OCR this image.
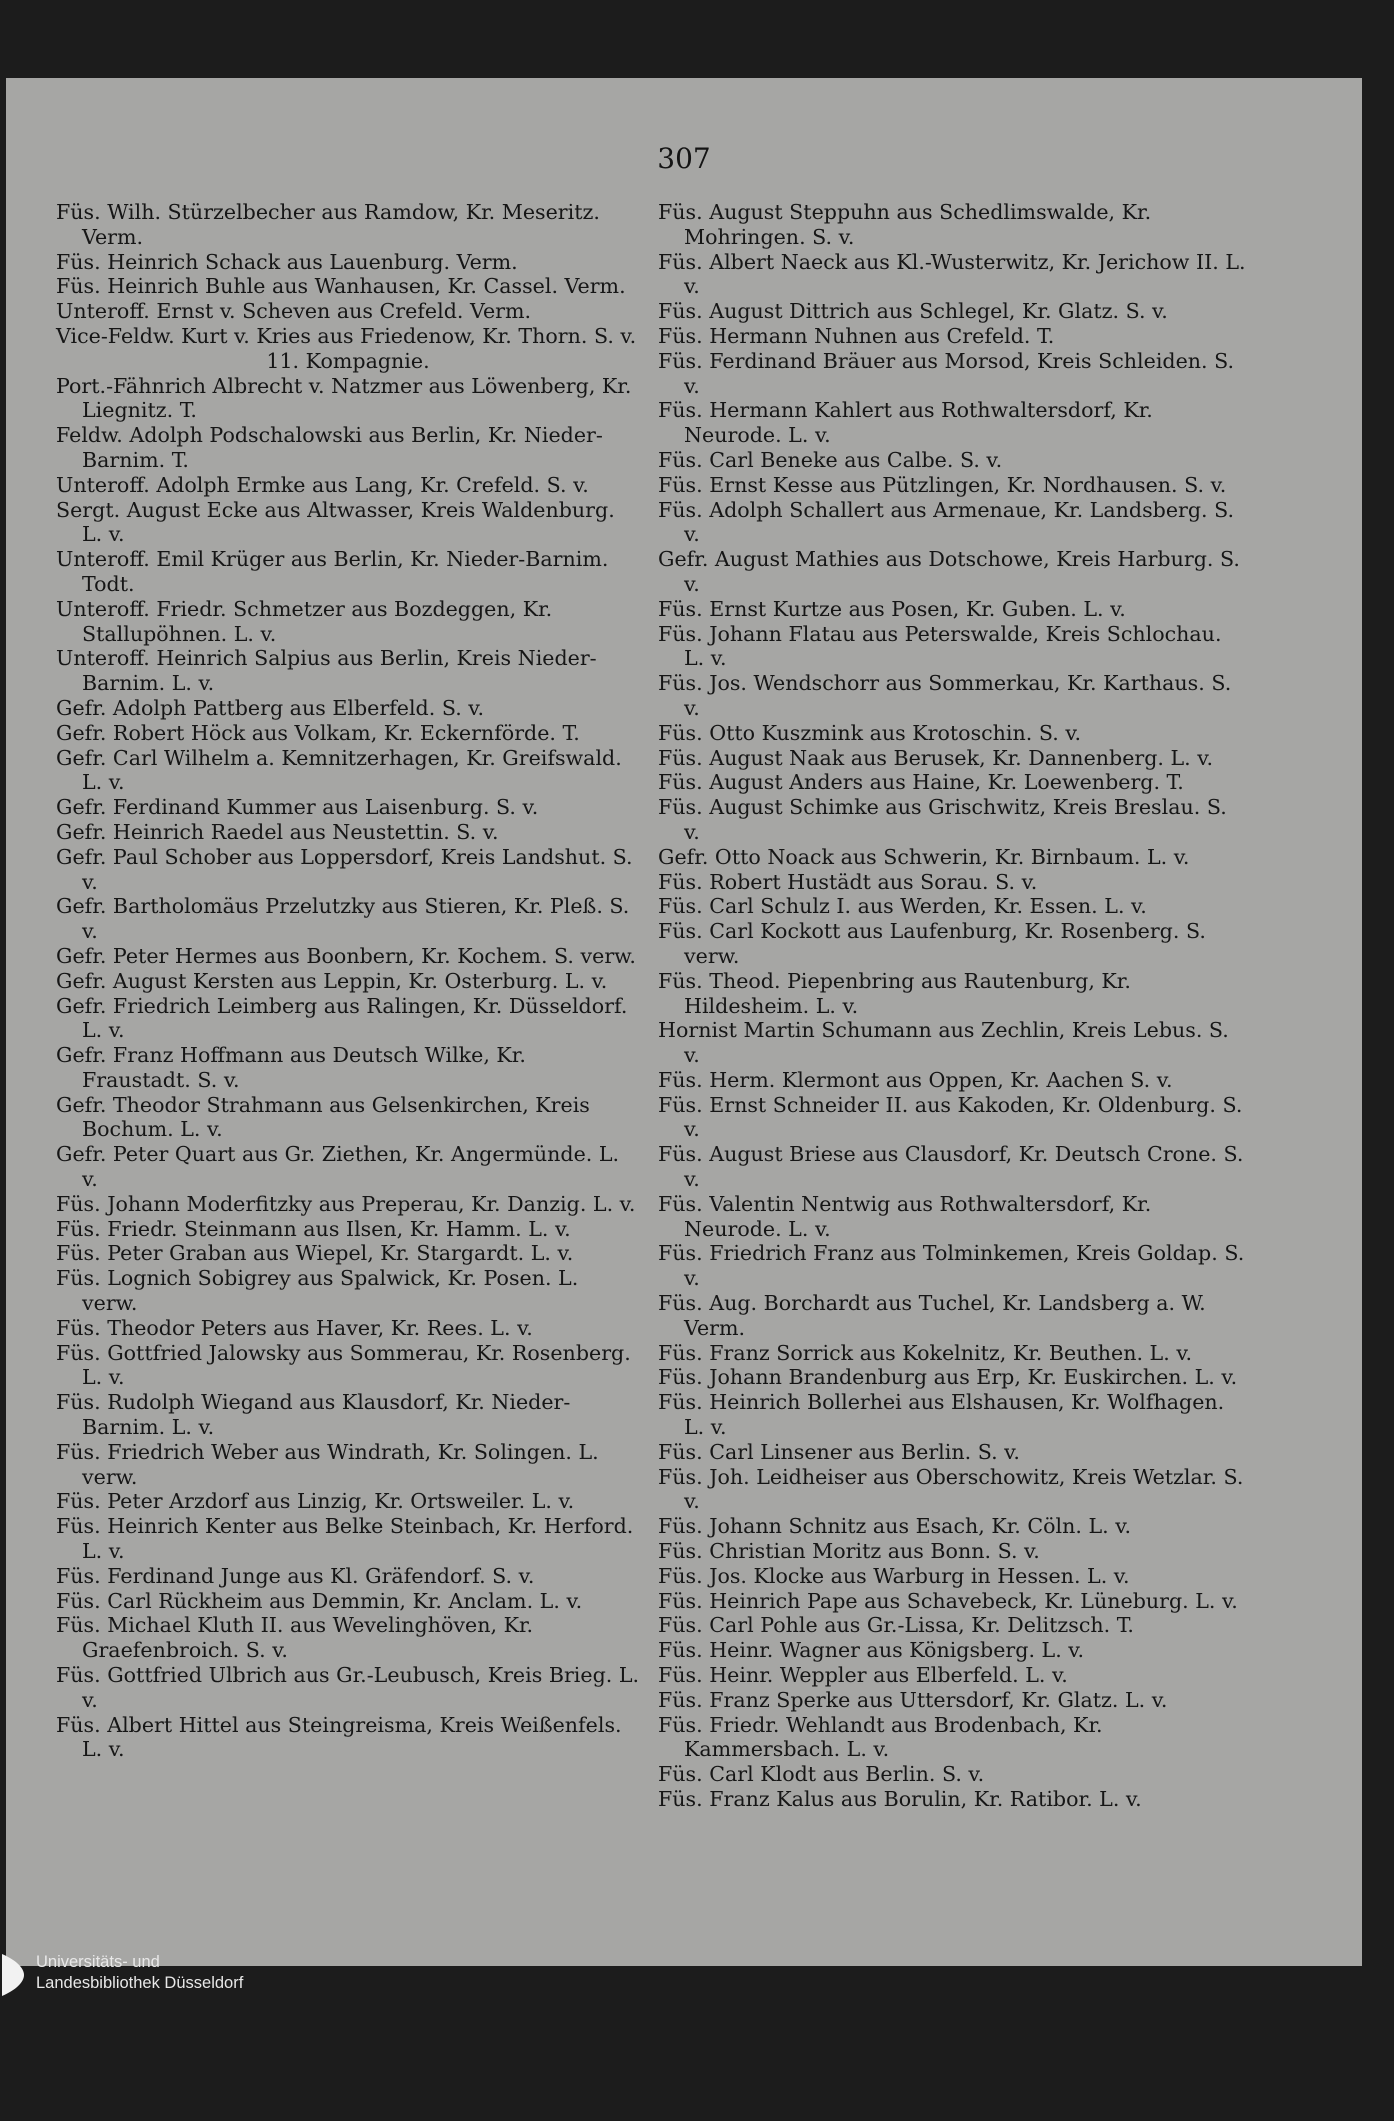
307

Füs. Wilh. Stürzelbecher aus Ramdow, Kr. Meseritz. Verm.

Füs. Heinrich Schack aus Lauenburg. Verm.

Füs. Heinrich Buhle aus Wanhausen, Kr. Cassel. Verm.

Unteroff. Ernst v. Scheven aus Crefeld. Verm.

Vice-Feldw. Kurt v. Kries aus Friedenow, Kr. Thorn. S. v.

11. Kompagnie.

Port.-Fähnrich Albrecht v. Natzmer aus Löwenberg, Kr. Liegnitz. T.

Feldw. Adolph Podschalowski aus Berlin, Kr. Nieder-Barnim. T.

Unteroff. Adolph Ermke aus Lang, Kr. Crefeld. S. v.

Sergt. August Ecke aus Altwasser, Kreis Waldenburg. L. v.

Unteroff. Emil Krüger aus Berlin, Kr. Nieder-Barnim. Todt.

Unteroff. Friedr. Schmetzer aus Bozdeggen, Kr. Stallupöhnen. L. v.

Unteroff. Heinrich Salpius aus Berlin, Kreis Nieder-Barnim. L. v.

Gefr. Adolph Pattberg aus Elberfeld. S. v.

Gefr. Robert Höck aus Volkam, Kr. Eckernförde. T.

Gefr. Carl Wilhelm a. Kemnitzerhagen, Kr. Greifswald. L. v.

Gefr. Ferdinand Kummer aus Laisenburg. S. v.

Gefr. Heinrich Raedel aus Neustettin. S. v.

Gefr. Paul Schober aus Loppersdorf, Kreis Landshut. S. v.

Gefr. Bartholomäus Przelutzky aus Stieren, Kr. Pleß. S. v.

Gefr. Peter Hermes aus Boonbern, Kr. Kochem. S. verw.

Gefr. August Kersten aus Leppin, Kr. Osterburg. L. v.

Gefr. Friedrich Leimberg aus Ralingen, Kr. Düsseldorf. L. v.

Gefr. Franz Hoffmann aus Deutsch Wilke, Kr. Fraustadt. S. v.

Gefr. Theodor Strahmann aus Gelsenkirchen, Kreis Bochum. L. v.

Gefr. Peter Quart aus Gr. Ziethen, Kr. Angermünde. L. v.

Füs. Johann Moderfitzky aus Preperau, Kr. Danzig. L. v.

Füs. Friedr. Steinmann aus Ilsen, Kr. Hamm. L. v.

Füs. Peter Graban aus Wiepel, Kr. Stargardt. L. v.

Füs. Lognich Sobigrey aus Spalwick, Kr. Posen. L. verw.

Füs. Theodor Peters aus Haver, Kr. Rees. L. v.

Füs. Gottfried Jalowsky aus Sommerau, Kr. Rosenberg. L. v.

Füs. Rudolph Wiegand aus Klausdorf, Kr. Nieder-Barnim. L. v.

Füs. Friedrich Weber aus Windrath, Kr. Solingen. L. verw.

Füs. Peter Arzdorf aus Linzig, Kr. Ortsweiler. L. v.

Füs. Heinrich Kenter aus Belke Steinbach, Kr. Herford. L. v.

Füs. Ferdinand Junge aus Kl. Gräfendorf. S. v.

Füs. Carl Rückheim aus Demmin, Kr. Anclam. L. v.

Füs. Michael Kluth II. aus Wevelinghöven, Kr. Graefenbroich. S. v.

Füs. Gottfried Ulbrich aus Gr.-Leubusch, Kreis Brieg. L. v.

Füs. Albert Hittel aus Steingreisma, Kreis Weißenfels. L. v.

Füs. August Steppuhn aus Schedlimswalde, Kr. Mohringen. S. v.

Füs. Albert Naeck aus Kl.-Wusterwitz, Kr. Jerichow II. L. v.

Füs. August Dittrich aus Schlegel, Kr. Glatz. S. v.

Füs. Hermann Nuhnen aus Crefeld. T.

Füs. Ferdinand Bräuer aus Morsod, Kreis Schleiden. S. v.

Füs. Hermann Kahlert aus Rothwaltersdorf, Kr. Neurode. L. v.

Füs. Carl Beneke aus Calbe. S. v.

Füs. Ernst Kesse aus Pützlingen, Kr. Nordhausen. S. v.

Füs. Adolph Schallert aus Armenaue, Kr. Landsberg. S. v.

Gefr. August Mathies aus Dotschowe, Kreis Harburg. S. v.

Füs. Ernst Kurtze aus Posen, Kr. Guben. L. v.

Füs. Johann Flatau aus Peterswalde, Kreis Schlochau. L. v.

Füs. Jos. Wendschorr aus Sommerkau, Kr. Karthaus. S. v.

Füs. Otto Kuszmink aus Krotoschin. S. v.

Füs. August Naak aus Berusek, Kr. Dannenberg. L. v.

Füs. August Anders aus Haine, Kr. Loewenberg. T.

Füs. August Schimke aus Grischwitz, Kreis Breslau. S. v.

Gefr. Otto Noack aus Schwerin, Kr. Birnbaum. L. v.

Füs. Robert Hustädt aus Sorau. S. v.

Füs. Carl Schulz I. aus Werden, Kr. Essen. L. v.

Füs. Carl Kockott aus Laufenburg, Kr. Rosenberg. S. verw.

Füs. Theod. Piepenbring aus Rautenburg, Kr. Hildesheim. L. v.

Hornist Martin Schumann aus Zechlin, Kreis Lebus. S. v.

Füs. Herm. Klermont aus Oppen, Kr. Aachen S. v.

Füs. Ernst Schneider II. aus Kakoden, Kr. Oldenburg. S. v.

Füs. August Briese aus Clausdorf, Kr. Deutsch Crone. S. v.

Füs. Valentin Nentwig aus Rothwaltersdorf, Kr. Neurode. L. v.

Füs. Friedrich Franz aus Tolminkemen, Kreis Goldap. S. v.

Füs. Aug. Borchardt aus Tuchel, Kr. Landsberg a. W. Verm.

Füs. Franz Sorrick aus Kokelnitz, Kr. Beuthen. L. v.

Füs. Johann Brandenburg aus Erp, Kr. Euskirchen. L. v.

Füs. Heinrich Bollerhei aus Elshausen, Kr. Wolfhagen. L. v.

Füs. Carl Linsener aus Berlin. S. v.

Füs. Joh. Leidheiser aus Oberschowitz, Kreis Wetzlar. S. v.

Füs. Johann Schnitz aus Esach, Kr. Cöln. L. v.

Füs. Christian Moritz aus Bonn. S. v.

Füs. Jos. Klocke aus Warburg in Hessen. L. v.

Füs. Heinrich Pape aus Schavebeck, Kr. Lüneburg. L. v.

Füs. Carl Pohle aus Gr.-Lissa, Kr. Delitzsch. T.

Füs. Heinr. Wagner aus Königsberg. L. v.

Füs. Heinr. Weppler aus Elberfeld. L. v.

Füs. Franz Sperke aus Uttersdorf, Kr. Glatz. L. v.

Füs. Friedr. Wehlandt aus Brodenbach, Kr. Kammersbach. L. v.

Füs. Carl Klodt aus Berlin. S. v.

Füs. Franz Kalus aus Borulin, Kr. Ratibor. L. v.

Universitäts- und
Landesbibliothek Düsseldorf
